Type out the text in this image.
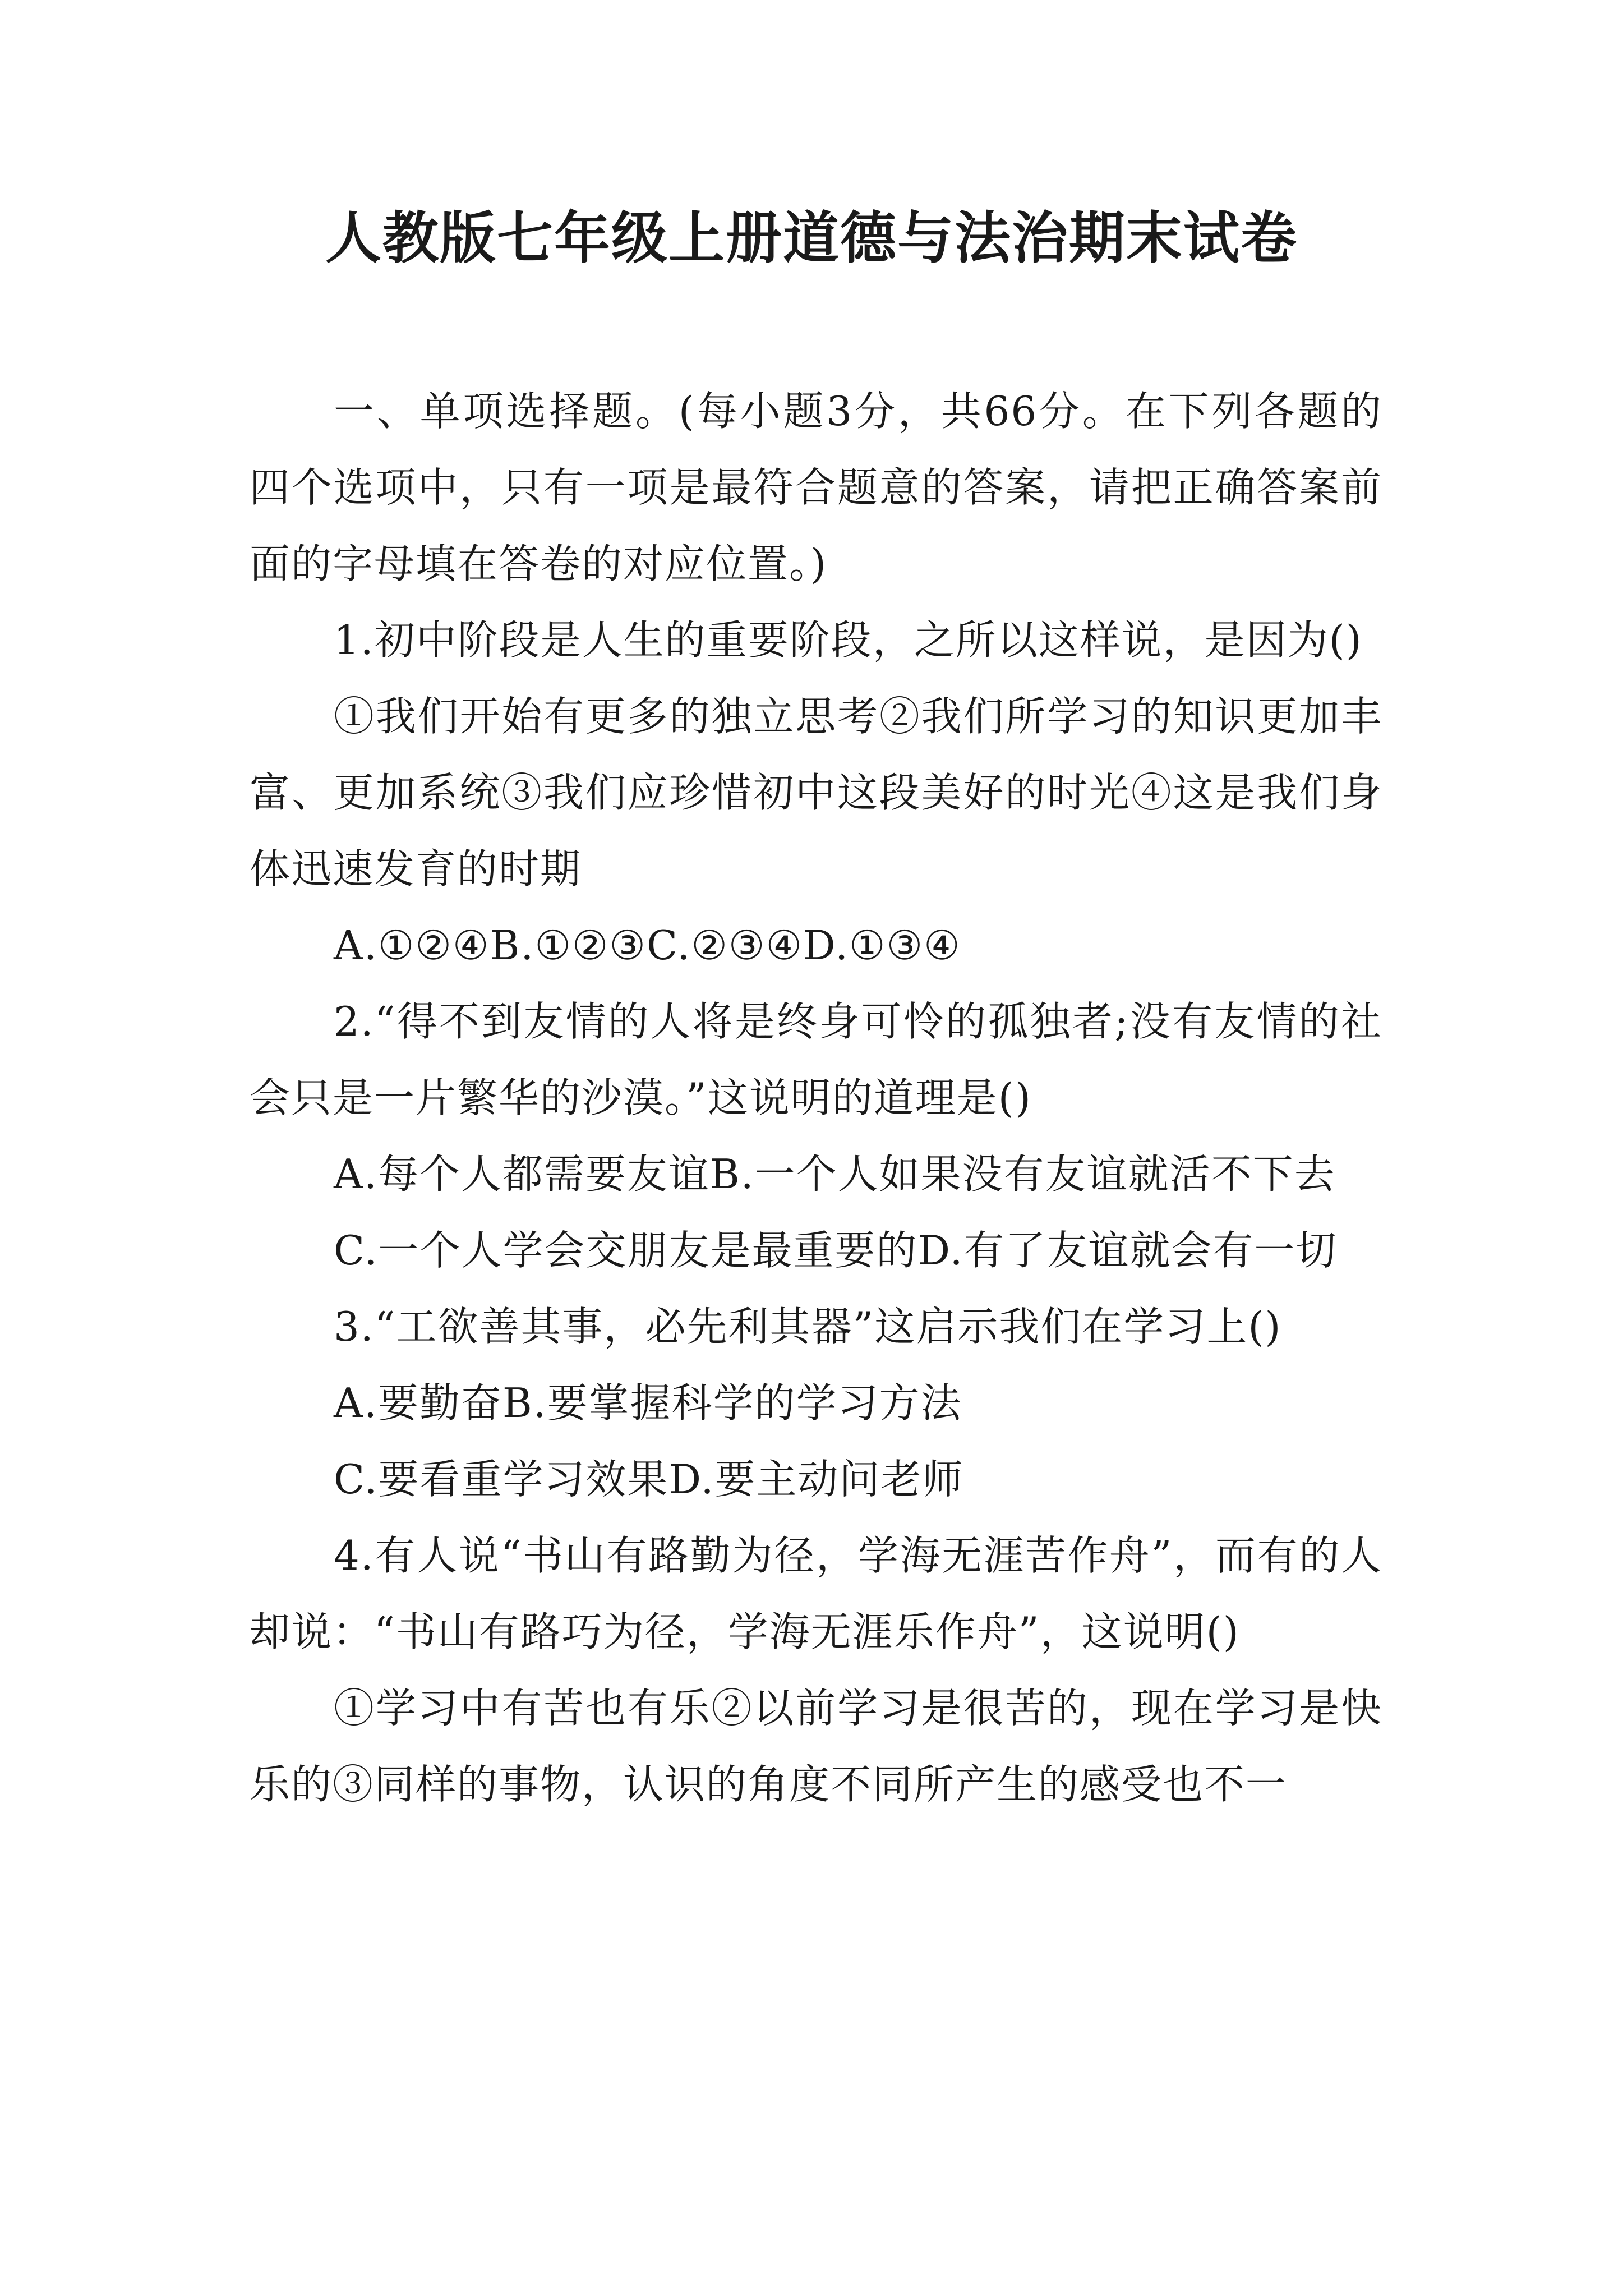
人教版七年级上册道德与法治期末试卷

一、单项选择题。(每小题3分，共66分。在下列各题的四个选项中，只有一项是最符合题意的答案，请把正确答案前面的字母填在答卷的对应位置。)

1.初中阶段是人生的重要阶段，之所以这样说，是因为()

①我们开始有更多的独立思考②我们所学习的知识更加丰富、更加系统③我们应珍惜初中这段美好的时光④这是我们身体迅速发育的时期

A.①②④B.①②③C.②③④D.①③④

2.“得不到友情的人将是终身可怜的孤独者;没有友情的社会只是一片繁华的沙漠。”这说明的道理是()

A.每个人都需要友谊B.一个人如果没有友谊就活不下去

C.一个人学会交朋友是最重要的D.有了友谊就会有一切

3.“工欲善其事，必先利其器”这启示我们在学习上()

A.要勤奋B.要掌握科学的学习方法

C.要看重学习效果D.要主动问老师

4.有人说“书山有路勤为径，学海无涯苦作舟”，而有的人却说：“书山有路巧为径，学海无涯乐作舟”，这说明()

①学习中有苦也有乐②以前学习是很苦的，现在学习是快乐的③同样的事物，认识的角度不同所产生的感受也不一
